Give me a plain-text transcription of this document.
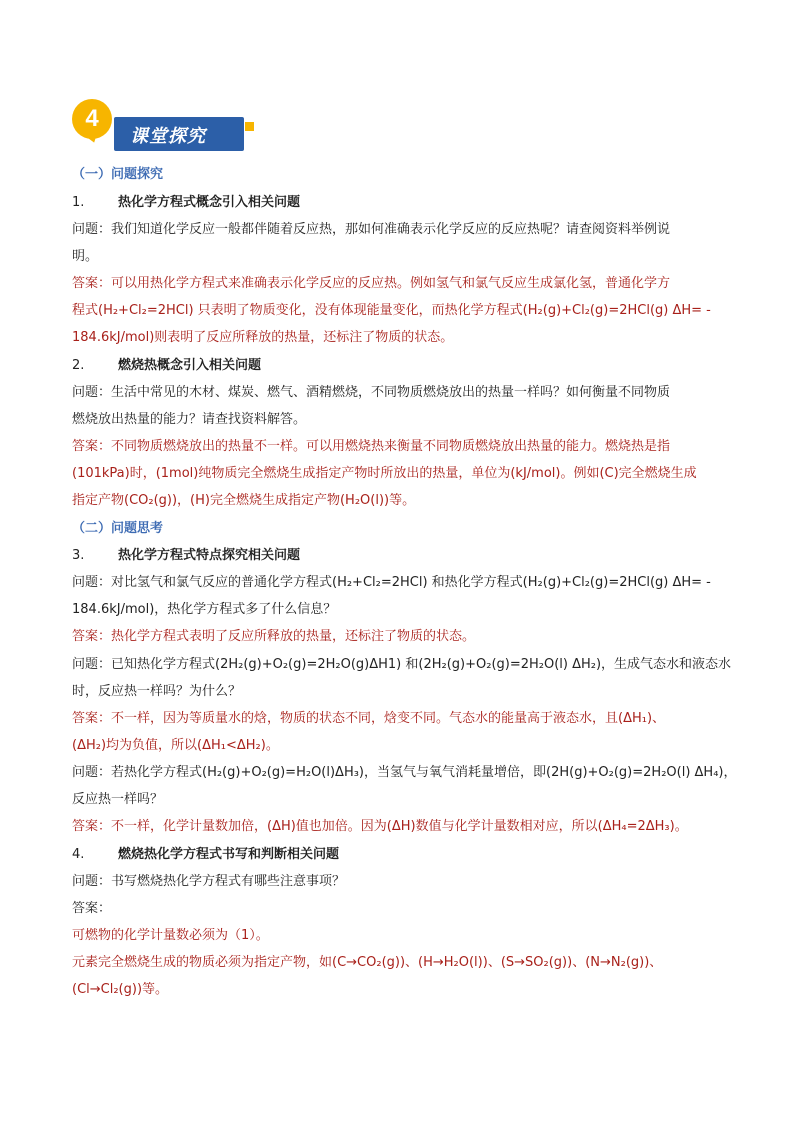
4
课堂探究
（一）问题探究
1.	热化学方程式概念引入相关问题
问题：我们知道化学反应一般都伴随着反应热，那如何准确表示化学反应的反应热呢？请查阅资料举例说
明。
答案：可以用热化学方程式来准确表示化学反应的反应热。例如氢气和氯气反应生成氯化氢，普通化学方
程式(H₂+Cl₂=2HCl) 只表明了物质变化，没有体现能量变化，而热化学方程式(H₂(g)+Cl₂(g)=2HCl(g) ΔH= -
184.6kJ/mol)则表明了反应所释放的热量，还标注了物质的状态。
2.	燃烧热概念引入相关问题
问题：生活中常见的木材、煤炭、燃气、酒精燃烧，不同物质燃烧放出的热量一样吗？如何衡量不同物质
燃烧放出热量的能力？请查找资料解答。
答案：不同物质燃烧放出的热量不一样。可以用燃烧热来衡量不同物质燃烧放出热量的能力。燃烧热是指
(101kPa)时，(1mol)纯物质完全燃烧生成指定产物时所放出的热量，单位为(kJ/mol)。例如(C)完全燃烧生成
指定产物(CO₂(g))，(H)完全燃烧生成指定产物(H₂O(l))等。
（二）问题思考
3.	热化学方程式特点探究相关问题
问题：对比氢气和氯气反应的普通化学方程式(H₂+Cl₂=2HCl) 和热化学方程式(H₂(g)+Cl₂(g)=2HCl(g) ΔH= -
184.6kJ/mol)，热化学方程式多了什么信息？
答案：热化学方程式表明了反应所释放的热量，还标注了物质的状态。
问题：已知热化学方程式(2H₂(g)+O₂(g)=2H₂O(g)ΔH1) 和(2H₂(g)+O₂(g)=2H₂O(l) ΔH₂)，生成气态水和液态水
时，反应热一样吗？为什么？
答案：不一样，因为等质量水的焓，物质的状态不同，焓变不同。气态水的能量高于液态水，且(ΔH₁)、
(ΔH₂)均为负值，所以(ΔH₁<ΔH₂)。
问题：若热化学方程式(H₂(g)+O₂(g)=H₂O(l)ΔH₃)，当氢气与氧气消耗量增倍，即(2H(g)+O₂(g)=2H₂O(l) ΔH₄)，
反应热一样吗？
答案：不一样，化学计量数加倍，(ΔH)值也加倍。因为(ΔH)数值与化学计量数相对应，所以(ΔH₄=2ΔH₃)。
4.	燃烧热化学方程式书写和判断相关问题
问题：书写燃烧热化学方程式有哪些注意事项？
答案：
可燃物的化学计量数必须为（1）。
元素完全燃烧生成的物质必须为指定产物，如(C→CO₂(g))、(H→H₂O(l))、(S→SO₂(g))、(N→N₂(g))、
(Cl→Cl₂(g))等。
